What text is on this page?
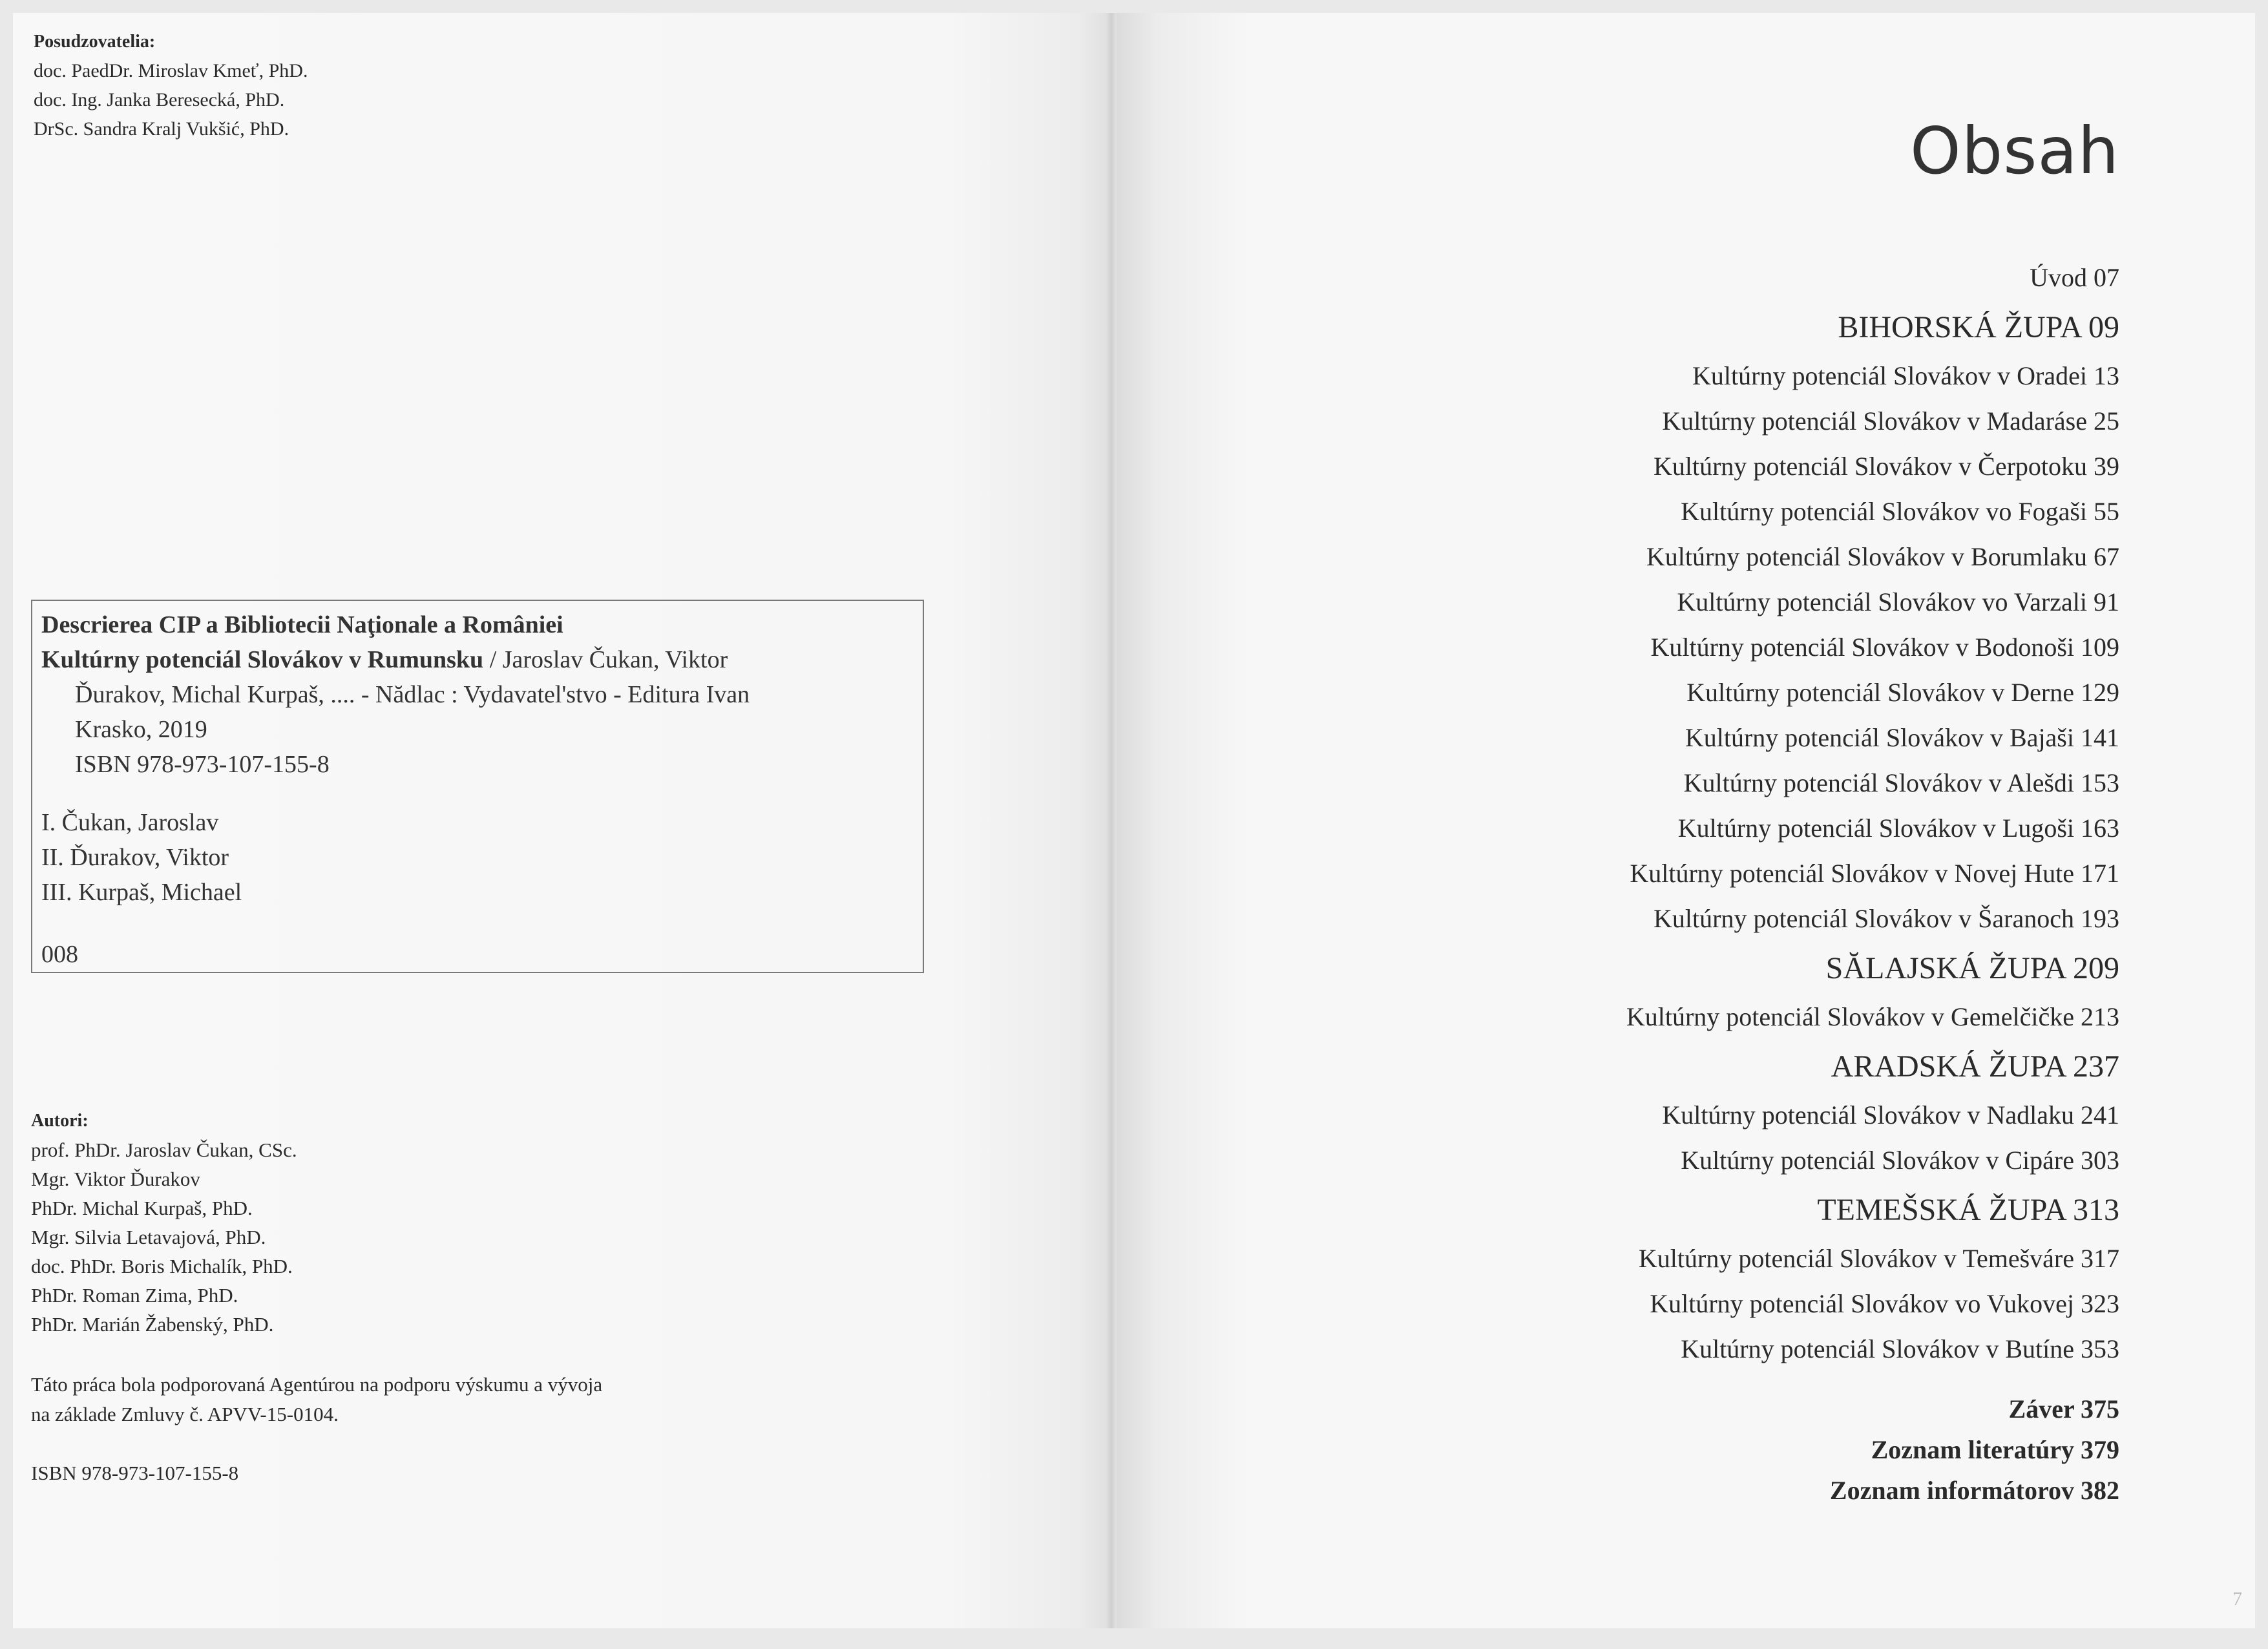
Posudzovatelia:
doc. PaedDr. Miroslav Kmeť, PhD.
doc. Ing. Janka Beresecká, PhD.
DrSc. Sandra Kralj Vukšić, PhD.
Descrierea CIP a Bibliotecii Naţionale a României
Kultúrny potenciál Slovákov v Rumunsku / Jaroslav Čukan, Viktor
Ďurakov, Michal Kurpaš, .... - Nădlac : Vydavatel'stvo - Editura Ivan
Krasko, 2019
ISBN 978-973-107-155-8
I. Čukan, Jaroslav
II. Ďurakov, Viktor
III. Kurpaš, Michael
008
Autori:
prof. PhDr. Jaroslav Čukan, CSc.
Mgr. Viktor Ďurakov
PhDr. Michal Kurpaš, PhD.
Mgr. Silvia Letavajová, PhD.
doc. PhDr. Boris Michalík, PhD.
PhDr. Roman Zima, PhD.
PhDr. Marián Žabenský, PhD.
Táto práca bola podporovaná Agentúrou na podporu výskumu a vývoja
na základe Zmluvy č. APVV-15-0104.
ISBN 978-973-107-155-8
Obsah
Úvod 07
BIHORSKÁ ŽUPA 09
Kultúrny potenciál Slovákov v Oradei 13
Kultúrny potenciál Slovákov v Madaráse 25
Kultúrny potenciál Slovákov v Čerpotoku 39
Kultúrny potenciál Slovákov vo Fogaši 55
Kultúrny potenciál Slovákov v Borumlaku 67
Kultúrny potenciál Slovákov vo Varzali 91
Kultúrny potenciál Slovákov v Bodonoši 109
Kultúrny potenciál Slovákov v Derne 129
Kultúrny potenciál Slovákov v Bajaši 141
Kultúrny potenciál Slovákov v Alešdi 153
Kultúrny potenciál Slovákov v Lugoši 163
Kultúrny potenciál Slovákov v Novej Hute 171
Kultúrny potenciál Slovákov v Šaranoch 193
SĂLAJSKÁ ŽUPA 209
Kultúrny potenciál Slovákov v Gemelčičke 213
ARADSKÁ ŽUPA 237
Kultúrny potenciál Slovákov v Nadlaku 241
Kultúrny potenciál Slovákov v Cipáre 303
TEMEŠSKÁ ŽUPA 313
Kultúrny potenciál Slovákov v Temešváre 317
Kultúrny potenciál Slovákov vo Vukovej 323
Kultúrny potenciál Slovákov v Butíne 353
Záver 375
Zoznam literatúry 379
Zoznam informátorov 382
7
